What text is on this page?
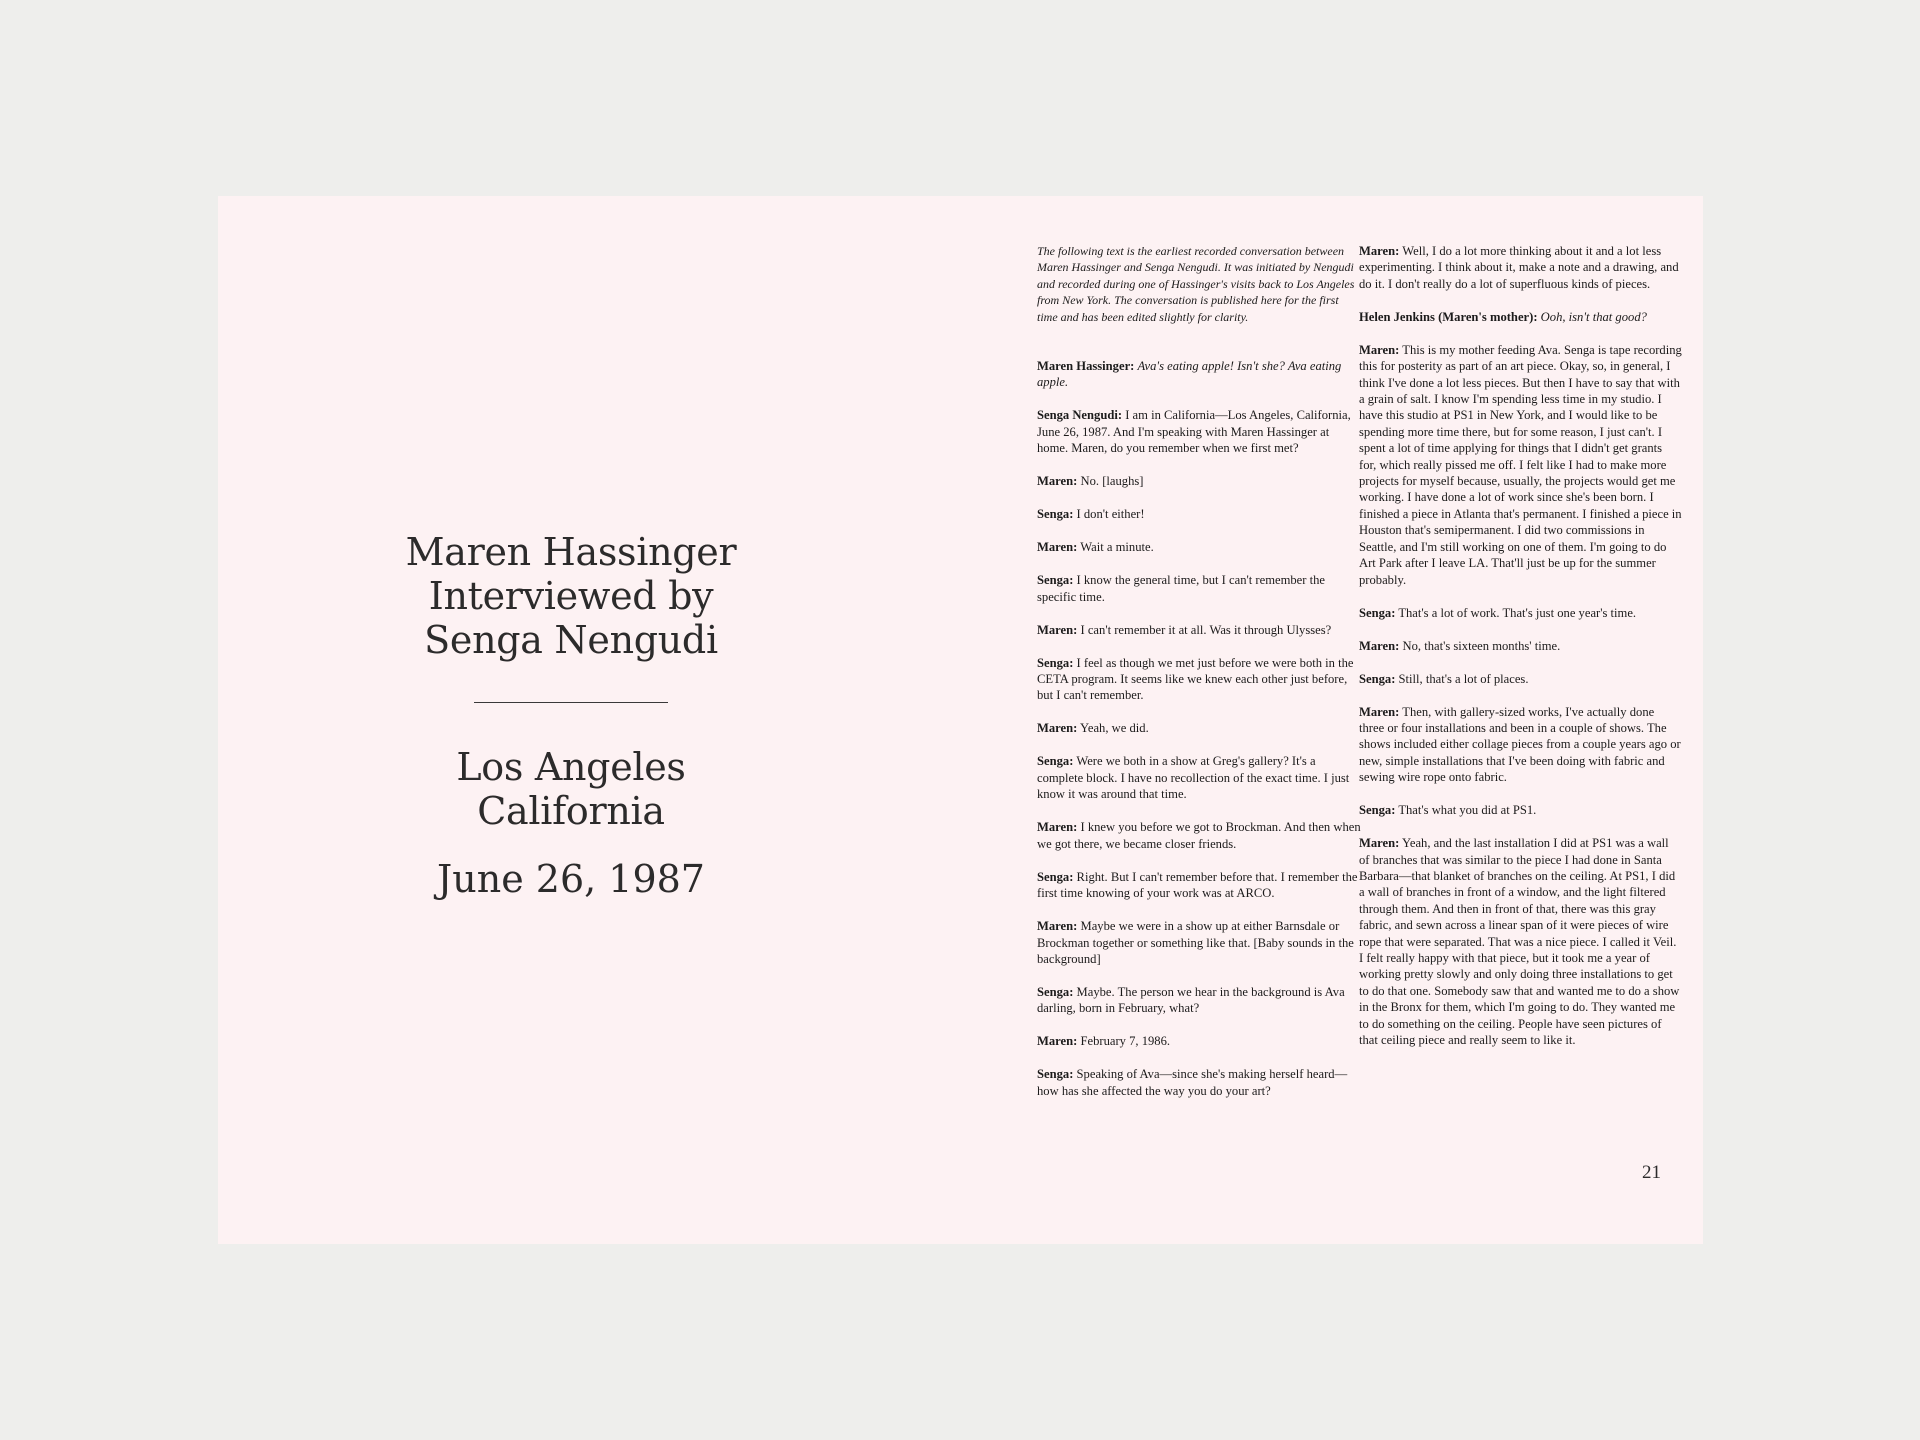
Maren Hassinger
Interviewed by
Senga Nengudi
Los Angeles
California
June 26, 1987

The following text is the earliest recorded conversation between Maren Hassinger and Senga Nengudi. It was initiated by Nengudi and recorded during one of Hassinger's visits back to Los Angeles from New York. The conversation is published here for the first time and has been edited slightly for clarity.

Maren Hassinger: Ava's eating apple! Isn't she? Ava eating apple.

Senga Nengudi: I am in California—Los Angeles, California, June 26, 1987. And I'm speaking with Maren Hassinger at home. Maren, do you remember when we first met?

Maren: No. [laughs]

Senga: I don't either!

Maren: Wait a minute.

Senga: I know the general time, but I can't remember the specific time.

Maren: I can't remember it at all. Was it through Ulysses?

Senga: I feel as though we met just before we were both in the CETA program. It seems like we knew each other just before, but I can't remember.

Maren: Yeah, we did.

Senga: Were we both in a show at Greg's gallery? It's a complete block. I have no recollection of the exact time. I just know it was around that time.

Maren: I knew you before we got to Brockman. And then when we got there, we became closer friends.

Senga: Right. But I can't remember before that. I remember the first time knowing of your work was at ARCO.

Maren: Maybe we were in a show up at either Barnsdale or Brockman together or something like that. [Baby sounds in the background]

Senga: Maybe. The person we hear in the background is Ava darling, born in February, what?

Maren: February 7, 1986.

Senga: Speaking of Ava—since she's making herself heard—how has she affected the way you do your art?

Maren: Well, I do a lot more thinking about it and a lot less experimenting. I think about it, make a note and a drawing, and do it. I don't really do a lot of superfluous kinds of pieces.

Helen Jenkins (Maren's mother): Ooh, isn't that good?

Maren: This is my mother feeding Ava. Senga is tape recording this for posterity as part of an art piece. Okay, so, in general, I think I've done a lot less pieces. But then I have to say that with a grain of salt. I know I'm spending less time in my studio. I have this studio at PS1 in New York, and I would like to be spending more time there, but for some reason, I just can't. I spent a lot of time applying for things that I didn't get grants for, which really pissed me off. I felt like I had to make more projects for myself because, usually, the projects would get me working. I have done a lot of work since she's been born. I finished a piece in Atlanta that's permanent. I finished a piece in Houston that's semipermanent. I did two commissions in Seattle, and I'm still working on one of them. I'm going to do Art Park after I leave LA. That'll just be up for the summer probably.

Senga: That's a lot of work. That's just one year's time.

Maren: No, that's sixteen months' time.

Senga: Still, that's a lot of places.

Maren: Then, with gallery-sized works, I've actually done three or four installations and been in a couple of shows. The shows included either collage pieces from a couple years ago or new, simple installations that I've been doing with fabric and sewing wire rope onto fabric.

Senga: That's what you did at PS1.

Maren: Yeah, and the last installation I did at PS1 was a wall of branches that was similar to the piece I had done in Santa Barbara—that blanket of branches on the ceiling. At PS1, I did a wall of branches in front of a window, and the light filtered through them. And then in front of that, there was this gray fabric, and sewn across a linear span of it were pieces of wire rope that were separated. That was a nice piece. I called it Veil. I felt really happy with that piece, but it took me a year of working pretty slowly and only doing three installations to get to do that one. Somebody saw that and wanted me to do a show in the Bronx for them, which I'm going to do. They wanted me to do something on the ceiling. People have seen pictures of that ceiling piece and really seem to like it.

21
